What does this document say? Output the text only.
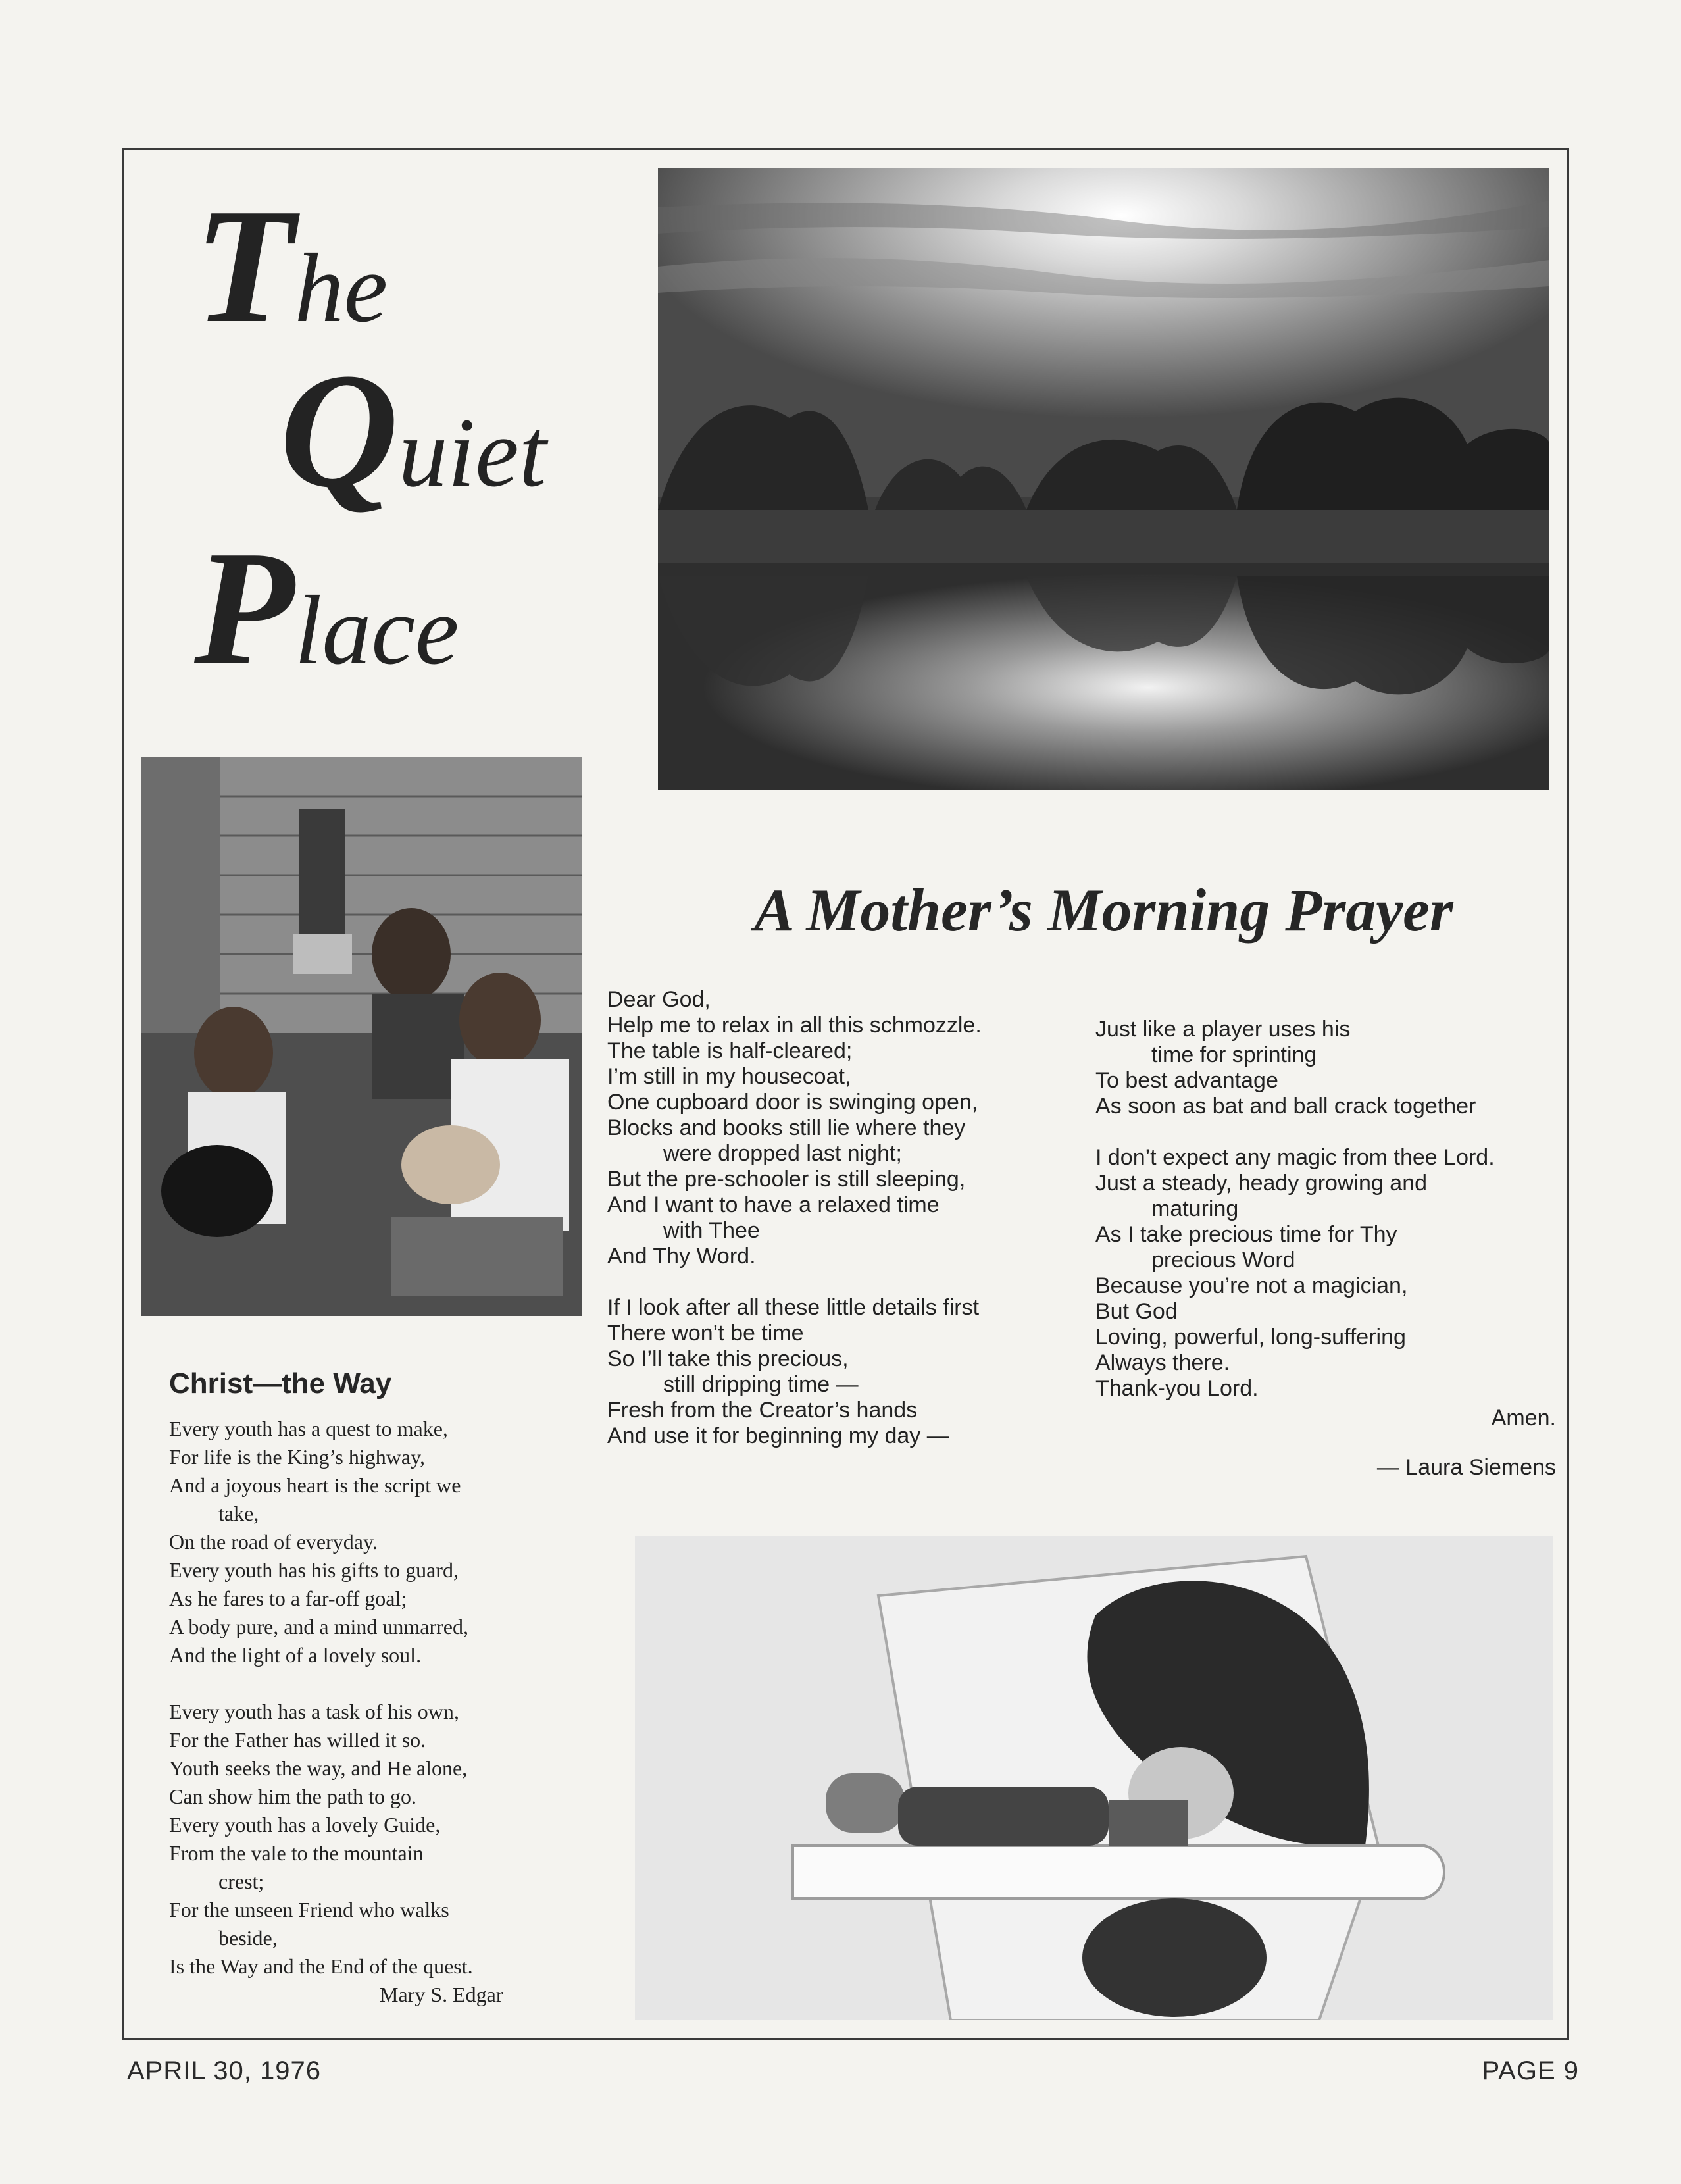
The
Quiet
Place
A Mother’s Morning Prayer
Dear God,
Help me to relax in all this schmozzle.
The table is half-cleared;
I’m still in my housecoat,
One cupboard door is swinging open,
Blocks and books still lie where they
were dropped last night;
But the pre-schooler is still sleeping,
And I want to have a relaxed time
with Thee
And Thy Word.
If I look after all these little details first
There won’t be time
So I’ll take this precious,
still dripping time —
Fresh from the Creator’s hands
And use it for beginning my day —
Just like a player uses his
time for sprinting
To best advantage
As soon as bat and ball crack together
I don’t expect any magic from thee Lord.
Just a steady, heady growing and
maturing
As I take precious time for Thy
precious Word
Because you’re not a magician,
But God
Loving, powerful, long-suffering
Always there.
Thank-you Lord.
Amen.
— Laura Siemens
Christ—the Way
Every youth has a quest to make,
For life is the King’s highway,
And a joyous heart is the script we
take,
On the road of everyday.
Every youth has his gifts to guard,
As he fares to a far-off goal;
A body pure, and a mind unmarred,
And the light of a lovely soul.
Every youth has a task of his own,
For the Father has willed it so.
Youth seeks the way, and He alone,
Can show him the path to go.
Every youth has a lovely Guide,
From the vale to the mountain
crest;
For the unseen Friend who walks
beside,
Is the Way and the End of the quest.
Mary S. Edgar
APRIL 30, 1976	PAGE 9
